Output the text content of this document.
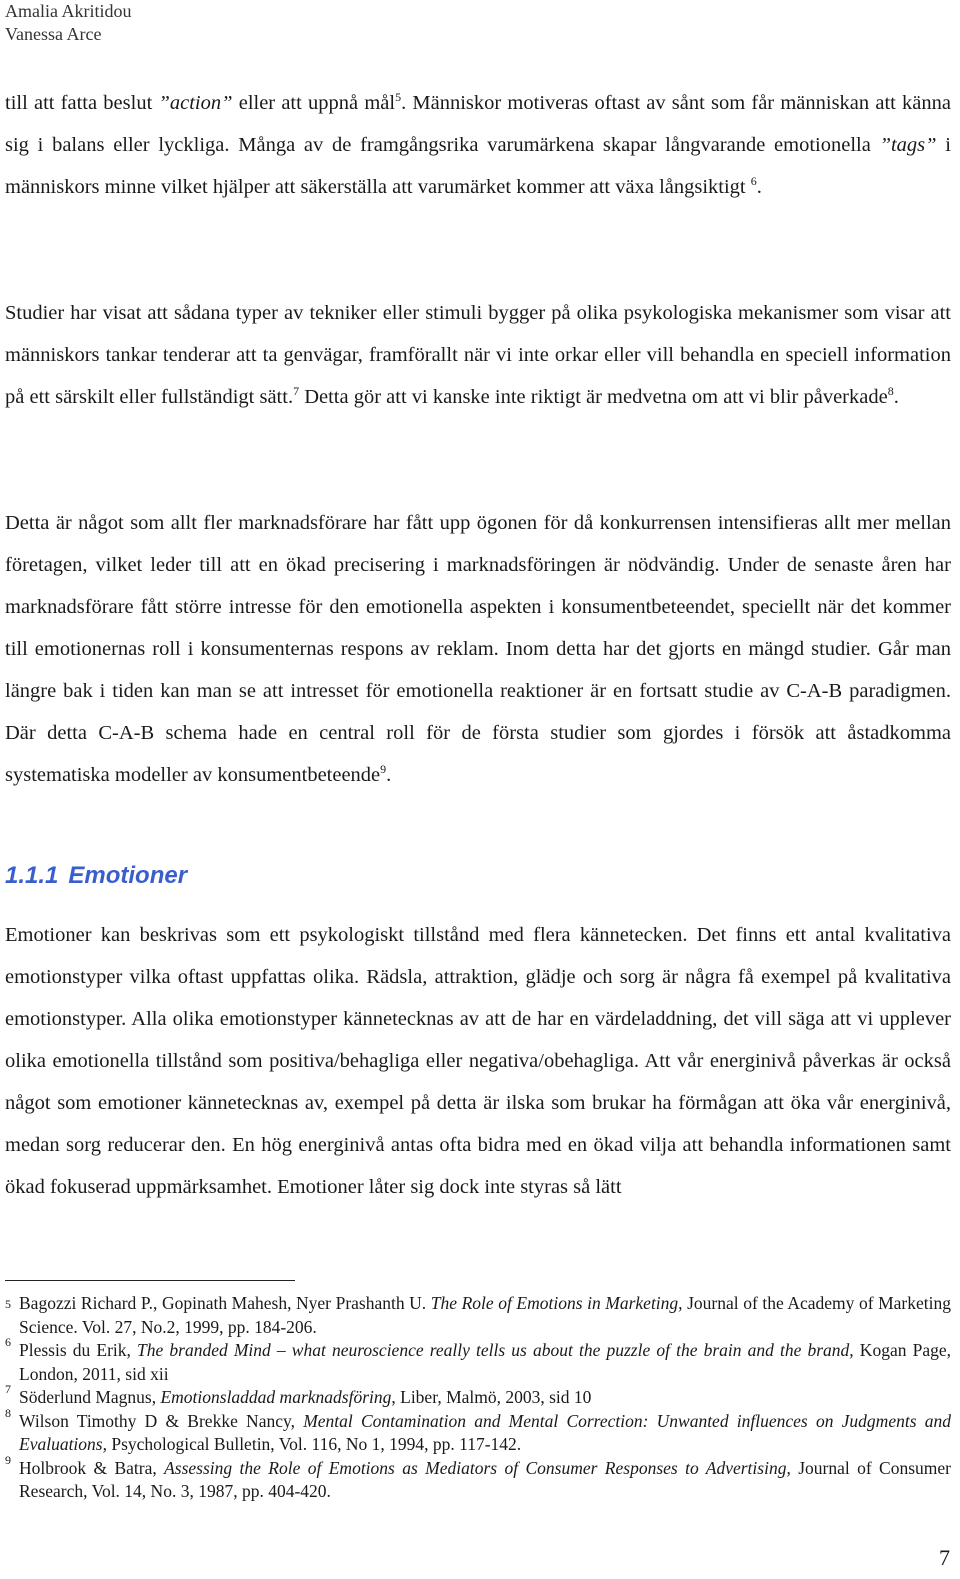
Amalia Akritidou
Vanessa Arce
till att fatta beslut ”action” eller att uppnå mål$^5$. Människor motiveras oftast av sånt som får människan att känna sig i balans eller lyckliga. Många av de framgångsrika varumärkena skapar långvarande emotionella ”tags” i människors minne vilket hjälper att säkerställa att varumärket kommer att växa långsiktigt $^6$.
Studier har visat att sådana typer av tekniker eller stimuli bygger på olika psykologiska mekanismer som visar att människors tankar tenderar att ta genvägar, framförallt när vi inte orkar eller vill behandla en speciell information på ett särskilt eller fullständigt sätt.$^7$ Detta gör att vi kanske inte riktigt är medvetna om att vi blir påverkade$^8$.
Detta är något som allt fler marknadsförare har fått upp ögonen för då konkurrensen intensifieras allt mer mellan företagen, vilket leder till att en ökad precisering i marknadsföringen är nödvändig. Under de senaste åren har marknadsförare fått större intresse för den emotionella aspekten i konsumentbeteendet, speciellt när det kommer till emotionernas roll i konsumenternas respons av reklam. Inom detta har det gjorts en mängd studier. Går man längre bak i tiden kan man se att intresset för emotionella reaktioner är en fortsatt studie av C-A-B paradigmen. Där detta C-A-B schema hade en central roll för de första studier som gjordes i försök att åstadkomma systematiska modeller av konsumentbeteende$^9$.
1.1.1 Emotioner
Emotioner kan beskrivas som ett psykologiskt tillstånd med flera kännetecken. Det finns ett antal kvalitativa emotionstyper vilka oftast uppfattas olika. Rädsla, attraktion, glädje och sorg är några få exempel på kvalitativa emotionstyper. Alla olika emotionstyper kännetecknas av att de har en värdeladdning, det vill säga att vi upplever olika emotionella tillstånd som positiva/behagliga eller negativa/obehagliga. Att vår energinivå påverkas är också något som emotioner kännetecknas av, exempel på detta är ilska som brukar ha förmågan att öka vår energinivå, medan sorg reducerar den. En hög energinivå antas ofta bidra med en ökad vilja att behandla informationen samt ökad fokuserad uppmärksamhet. Emotioner låter sig dock inte styras så lätt
5 Bagozzi Richard P., Gopinath Mahesh, Nyer Prashanth U. The Role of Emotions in Marketing, Journal of the Academy of Marketing Science. Vol. 27, No.2, 1999, pp. 184-206.
6 Plessis du Erik, The branded Mind – what neuroscience really tells us about the puzzle of the brain and the brand, Kogan Page, London, 2011, sid xii
7 Söderlund Magnus, Emotionsladdad marknadsföring, Liber, Malmö, 2003, sid 10
8 Wilson Timothy D & Brekke Nancy, Mental Contamination and Mental Correction: Unwanted influences on Judgments and Evaluations, Psychological Bulletin, Vol. 116, No 1, 1994, pp. 117-142.
9 Holbrook & Batra, Assessing the Role of Emotions as Mediators of Consumer Responses to Advertising, Journal of Consumer Research, Vol. 14, No. 3, 1987, pp. 404-420.
7
